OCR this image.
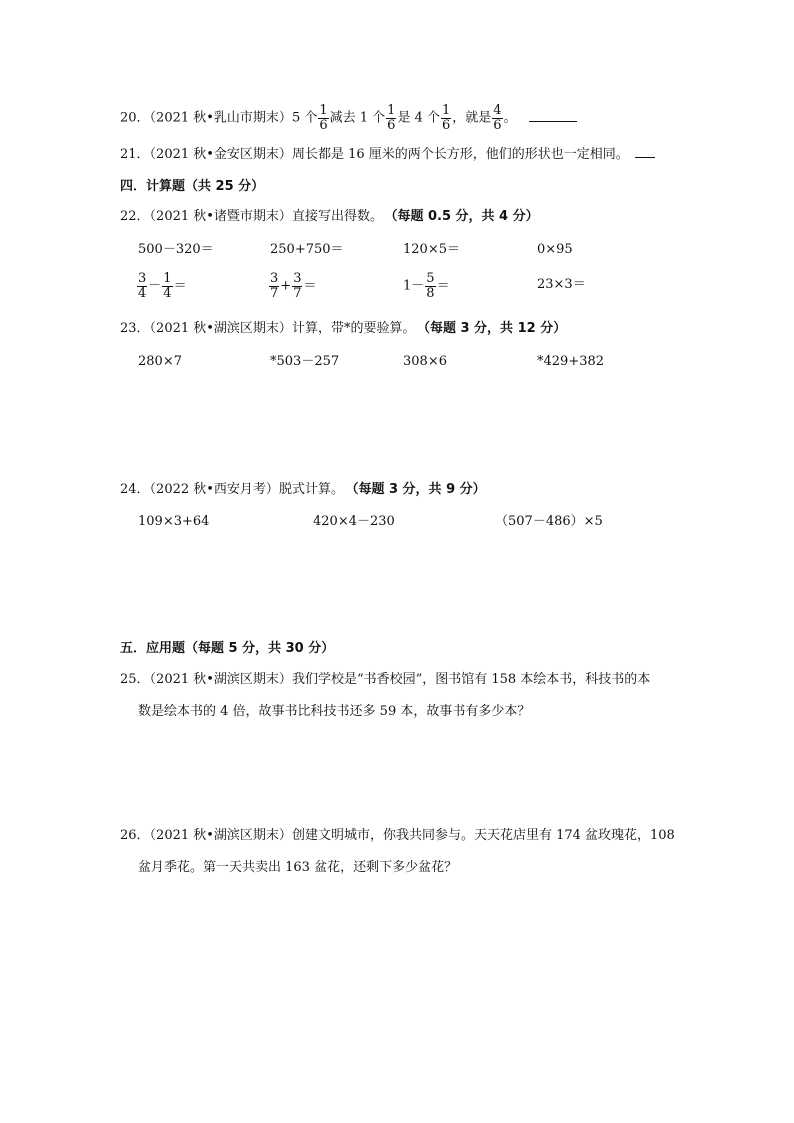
20．（2021 秋•乳山市期末）5 个 $\frac{1}{6}$ 减去 1 个 $\frac{1}{6}$ 是 4 个 $\frac{1}{6}$ ，就是 $\frac{4}{6}$ 。
21．（2021 秋•金安区期末）周长都是 16 厘米的两个长方形，他们的形状也一定相同。
四．计算题（共 25 分）
22．（2021 秋•诸暨市期末）直接写出得数。 （每题 0.5 分，共 4 分）
500－320＝	250+750＝	120×5＝	0×95
$\frac{3}{4} - \frac{1}{4}$ ＝	$\frac{3}{7} + \frac{3}{7}$ ＝	$1- \frac{5}{8}$ ＝	23×3＝
23．（2021 秋•湖滨区期末）计算，带*的要验算。 （每题 3 分，共 12 分）
280×7	*503－257	308×6	*429+382
24．（2022 秋•西安月考）脱式计算。 （每题 3 分，共 9 分）
109×3+64	420×4－230	（507－486）×5
五．应用题（每题 5 分，共 30 分）
25．（2021 秋•湖滨区期末）我们学校是“书香校园”，图书馆有 158 本绘本书，科技书的本
数是绘本书的 4 倍，故事书比科技书还多 59 本，故事书有多少本？
26．（2021 秋•湖滨区期末）创建文明城市，你我共同参与。天天花店里有 174 盆玫瑰花，108
盆月季花。第一天共卖出 163 盆花，还剩下多少盆花？
